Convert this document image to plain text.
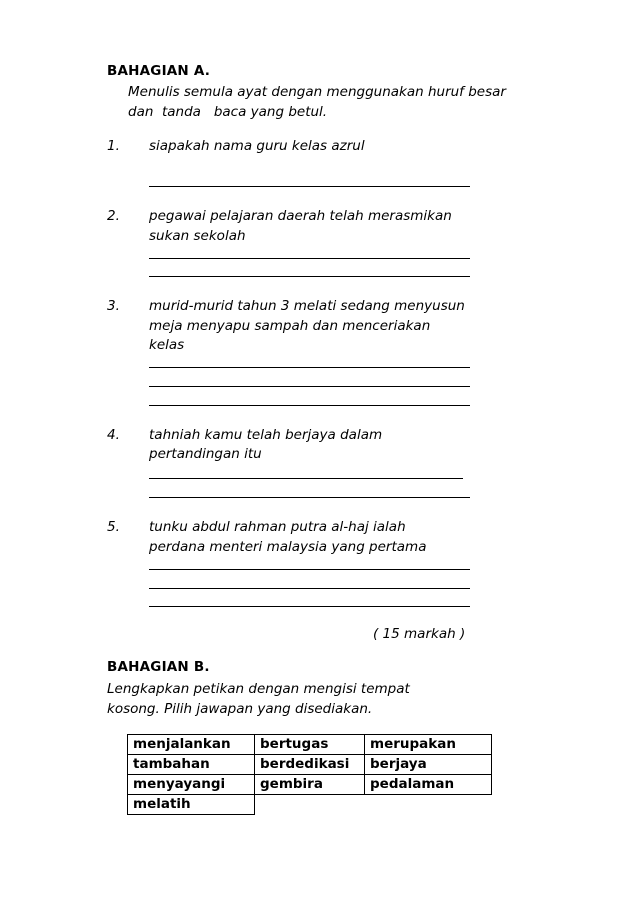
BAHAGIAN A.
Menulis semula ayat dengan menggunakan huruf besar
dan  tanda   baca yang betul.
1. siapakah nama guru kelas azrul
2. pegawai pelajaran daerah telah merasmikan
sukan sekolah
3. murid-murid tahun 3 melati sedang menyusun
meja menyapu sampah dan menceriakan
kelas
4. tahniah kamu telah berjaya dalam
pertandingan itu
5. tunku abdul rahman putra al-haj ialah
perdana menteri malaysia yang pertama
( 15 markah )
BAHAGIAN B.
Lengkapkan petikan dengan mengisi tempat
kosong. Pilih jawapan yang disediakan.
menjalankan	bertugas	merupakan
tambahan	berdedikasi	berjaya
menyayangi	gembira	pedalaman
melatih		
